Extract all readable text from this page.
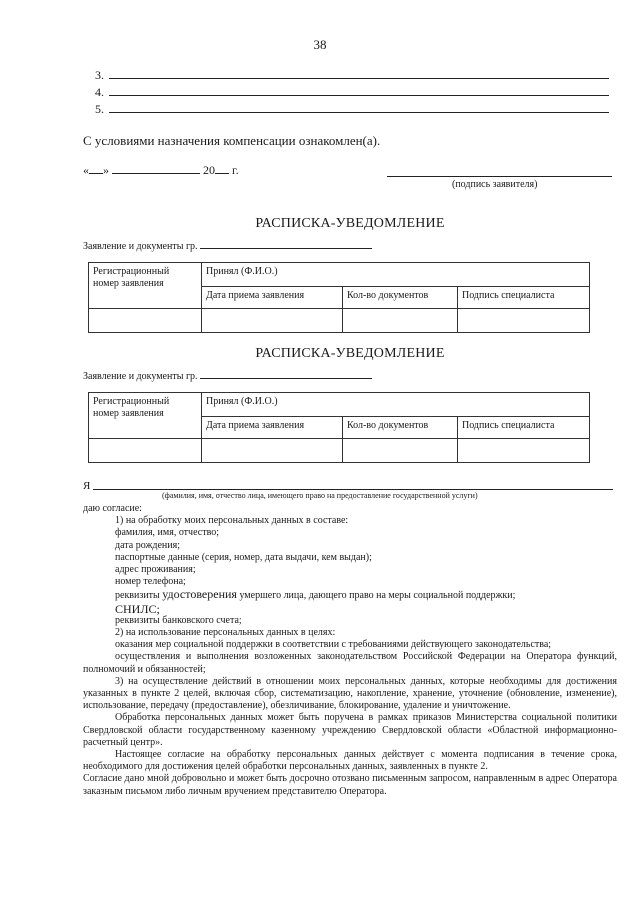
38
3.
4.
5.
С условиями назначения компенсации ознакомлен(а).
« »	20 г.
(подпись заявителя)
РАСПИСКА-УВЕДОМЛЕНИЕ
Заявление и документы гр.
Регистрационный номер заявления	Принял (Ф.И.О.)		
	Дата приема заявления	Кол-во документов	Подпись специалиста

РАСПИСКА-УВЕДОМЛЕНИЕ
Заявление и документы гр.
Регистрационный номер заявления	Принял (Ф.И.О.)		
	Дата приема заявления	Кол-во документов	Подпись специалиста

Я
(фамилия, имя, отчество лица, имеющего право на предоставление государственной услуги)

даю согласие:

1) на обработку моих персональных данных в составе:

фамилия, имя, отчество;

дата рождения;

паспортные данные (серия, номер, дата выдачи, кем выдан);

адрес проживания;

номер телефона;

реквизиты удостоверения умершего лица, дающего право на меры социальной поддержки;

СНИЛС;

реквизиты банковского счета;

2) на использование персональных данных в целях:

оказания мер социальной поддержки в соответствии с требованиями действующего законодательства;

осуществления и выполнения возложенных законодательством Российской Федерации на Оператора функций, полномочий и обязанностей;

3) на осуществление действий в отношении моих персональных данных, которые необходимы для достижения указанных в пункте 2 целей, включая сбор, систематизацию, накопление, хранение, уточнение (обновление, изменение), использование, передачу (предоставление), обезличивание, блокирование, удаление и уничтожение.

Обработка персональных данных может быть поручена в рамках приказов Министерства социальной политики Свердловской области государственному казенному учреждению Свердловской области «Областной информационно-расчетный центр».

Настоящее согласие на обработку персональных данных действует с момента подписания в течение срока, необходимого для достижения целей обработки персональных данных, заявленных в пункте 2.

Согласие дано мной добровольно и может быть досрочно отозвано письменным запросом, направленным в адрес Оператора заказным письмом либо личным вручением представителю Оператора.
